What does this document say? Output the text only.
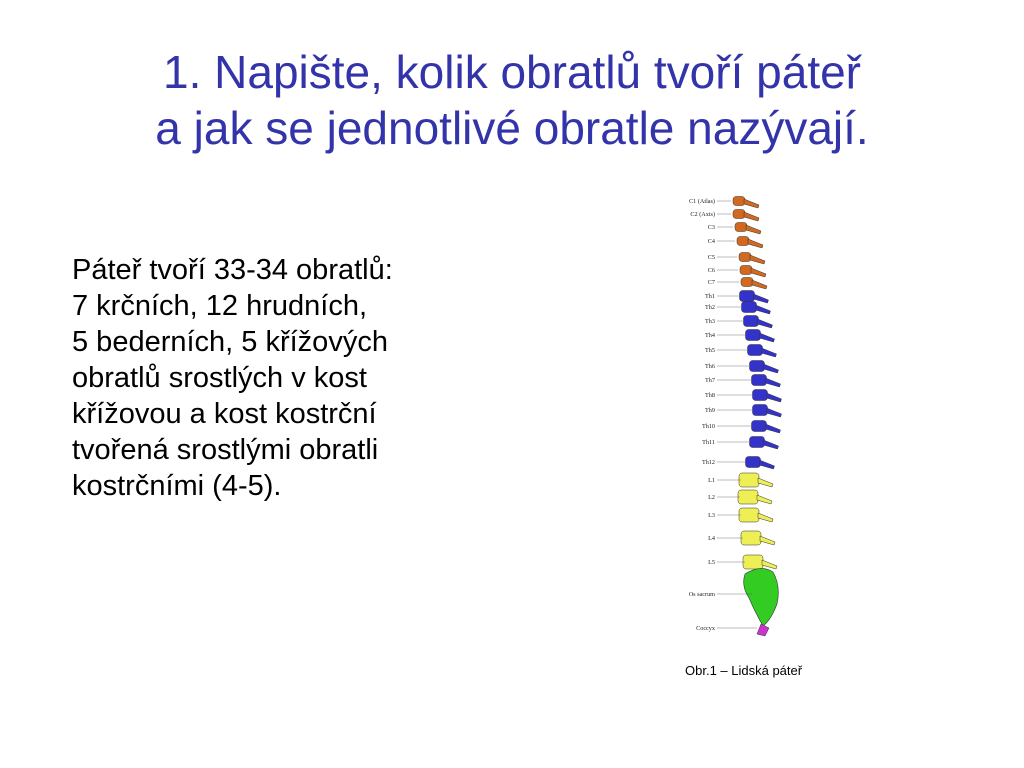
1. Napište, kolik obratlů tvoří páteř
a jak se jednotlivé obratle nazývají.
Páteř tvoří 33-34 obratlů:
7 krčních, 12 hrudních,
5 bederních, 5 křížových
obratlů srostlých v kost
křížovou a kost kostrční
tvořená srostlými obratli
kostrčními (4-5).
C1 (Atlas)
C2 (Axis)
C3
C4
C5
C6
C7
Th1
Th2
Th3
Th4
Th5
Th6
Th7
Th8
Th9
Th10
Th11
Th12
L1
L2
L3
L4
L5
Os sacrum
Coccyx
Obr.1 – Lidská páteř
